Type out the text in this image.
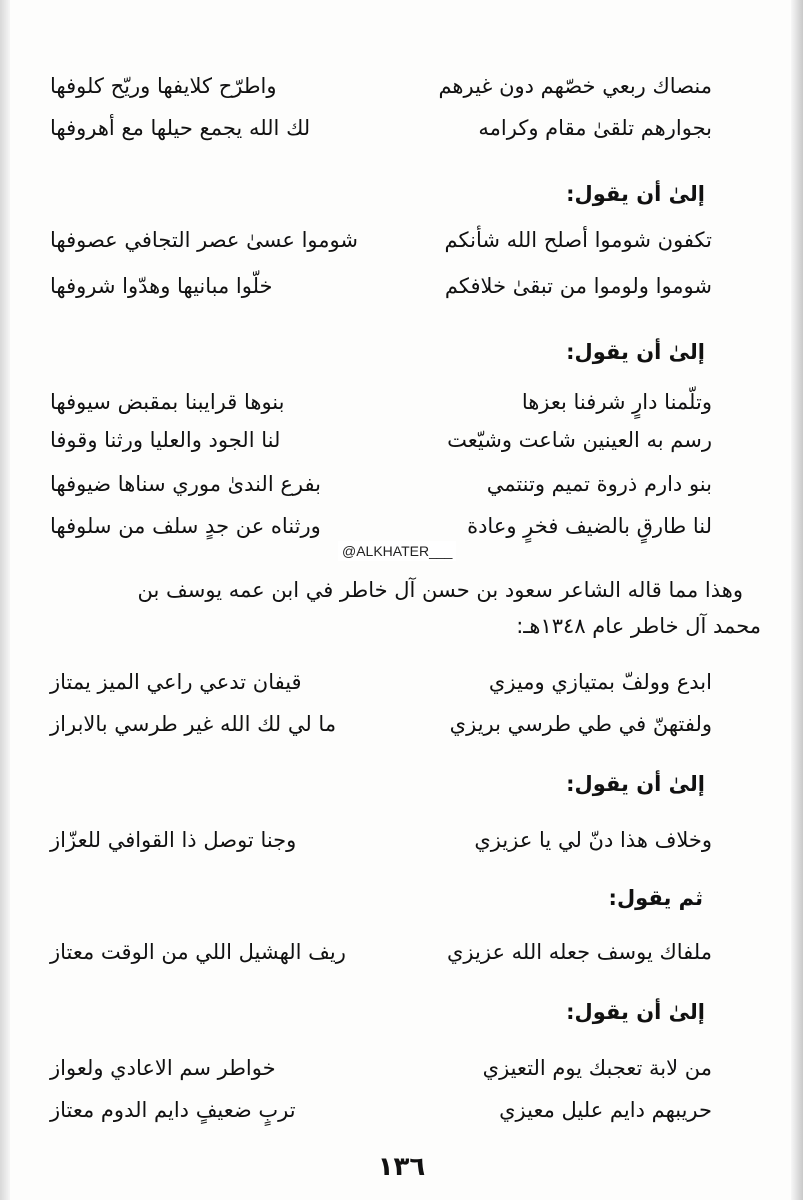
منصاك ربعي خصّهم دون غيرهم
واطرّح كلايفها وريّح كلوفها
بجوارهم تلقىٰ مقام وكرامه
لك الله يجمع حيلها مع أهروفها
إلىٰ أن يقول:
تكفون شوموا أصلح الله شأنكم
شوموا عسىٰ عصر التجافي عصوفها
شوموا ولوموا من تبقىٰ خلافكم
خلّوا مبانيها وهدّوا شروفها
إلىٰ أن يقول:
وتلّمنا دارٍ شرفنا بعزها
بنوها قرايبنا بمقبض سيوفها
رسم به العينين شاعت وشيّعت
لنا الجود والعليا ورثنا وقوفا
بنو دارم ذروة تميم وتنتمي
بفرع الندىٰ موري سناها ضيوفها
لنا طارقٍ بالضيف فخرٍ وعادة
ورثناه عن جدٍ سلف من سلوفها
@ALKHATER___
وهذا مما قاله الشاعر سعود بن حسن آل خاطر في ابن عمه يوسف بن
محمد آل خاطر عام ١٣٤٨هـ:
ابدع وولفّ بمتيازي وميزي
قيفان تدعي راعي الميز يمتاز
ولفتهنّ في طي طرسي بريزي
ما لي لك الله غير طرسي بالابراز
إلىٰ أن يقول:
وخلاف هذا دنّ لي يا عزيزي
وجنا توصل ذا القوافي للعزّاز
ثم يقول:
ملفاك يوسف جعله الله عزيزي
ريف الهشيل اللي من الوقت معتاز
إلىٰ أن يقول:
من لابة تعجبك يوم التعيزي
خواطر سم الاعادي ولعواز
حريبهم دايم عليل معيزي
تربٍ ضعيفٍ دايم الدوم معتاز
١٣٦
